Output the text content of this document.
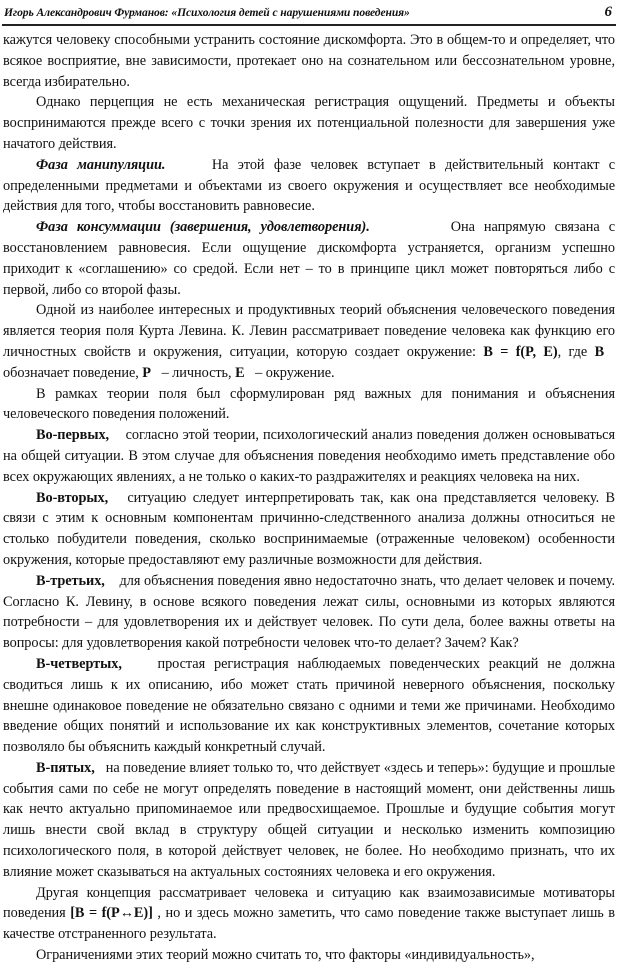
Игорь Александрович Фурманов: «Психология детей с нарушениями поведения»	6

кажутся человеку способными устранить состояние дискомфорта. Это в общем-то и определяет, что всякое восприятие, вне зависимости, протекает оно на сознательном или бессознательном уровне, всегда избирательно.

Однако перцепция не есть механическая регистрация ощущений. Предметы и объекты воспринимаются прежде всего с точки зрения их потенциальной полезности для завершения уже начатого действия.

Фаза манипуляции.	На этой фазе человек вступает в действительный контакт с определенными предметами и объектами из своего окружения и осуществляет все необходимые действия для того, чтобы восстановить равновесие.

Фаза консуммации (завершения, удовлетворения).	Она напрямую связана с восстановлением равновесия. Если ощущение дискомфорта устраняется, организм успешно приходит к «соглашению» со средой. Если нет – то в принципе цикл может повторяться либо с первой, либо со второй фазы.

Одной из наиболее интересных и продуктивных теорий объяснения человеческого поведения является теория поля Курта Левина. К. Левин рассматривает поведение человека как функцию его личностных свойств и окружения, ситуации, которую создает окружение: B = f(P, E), где B   обозначает поведение, P – личность, E – окружение.

В рамках теории поля был сформулирован ряд важных для понимания и объяснения человеческого поведения положений.

Во-первых, согласно этой теории, психологический анализ поведения должен основываться на общей ситуации. В этом случае для объяснения поведения необходимо иметь представление обо всех окружающих явлениях, а не только о каких-то раздражителях и реакциях человека на них.

Во-вторых, ситуацию следует интерпретировать так, как она представляется человеку. В связи с этим к основным компонентам причинно-следственного анализа должны относиться не столько побудители поведения, сколько воспринимаемые (отраженные человеком) особенности окружения, которые предоставляют ему различные возможности для действия.

В-третьих, для объяснения поведения явно недостаточно знать, что делает человек и почему. Согласно К. Левину, в основе всякого поведения лежат силы, основными из которых являются потребности – для удовлетворения их и действует человек. По сути дела, более важны ответы на вопросы: для удовлетворения какой потребности человек что-то делает? Зачем? Как?

В-четвертых, простая регистрация наблюдаемых поведенческих реакций не должна сводиться лишь к их описанию, ибо может стать причиной неверного объяснения, поскольку внешне одинаковое поведение не обязательно связано с одними и теми же причинами. Необходимо введение общих понятий и использование их как конструктивных элементов, сочетание которых позволяло бы объяснить каждый конкретный случай.

В-пятых, на поведение влияет только то, что действует «здесь и теперь»: будущие и прошлые события сами по себе не могут определять поведение в настоящий момент, они действенны лишь как нечто актуально припоминаемое или предвосхищаемое. Прошлые и будущие события могут лишь внести свой вклад в структуру общей ситуации и несколько изменить композицию психологического поля, в которой действует человек, не более. Но необходимо признать, что их влияние может сказываться на актуальных состояниях человека и его окружения.

Другая концепция рассматривает человека и ситуацию как взаимозависимые мотиваторы поведения [B = f(P↔E)] , но и здесь можно заметить, что само поведение также выступает лишь в качестве отстраненного результата.

Ограничениями этих теорий можно считать то, что факторы «индивидуальность»,
